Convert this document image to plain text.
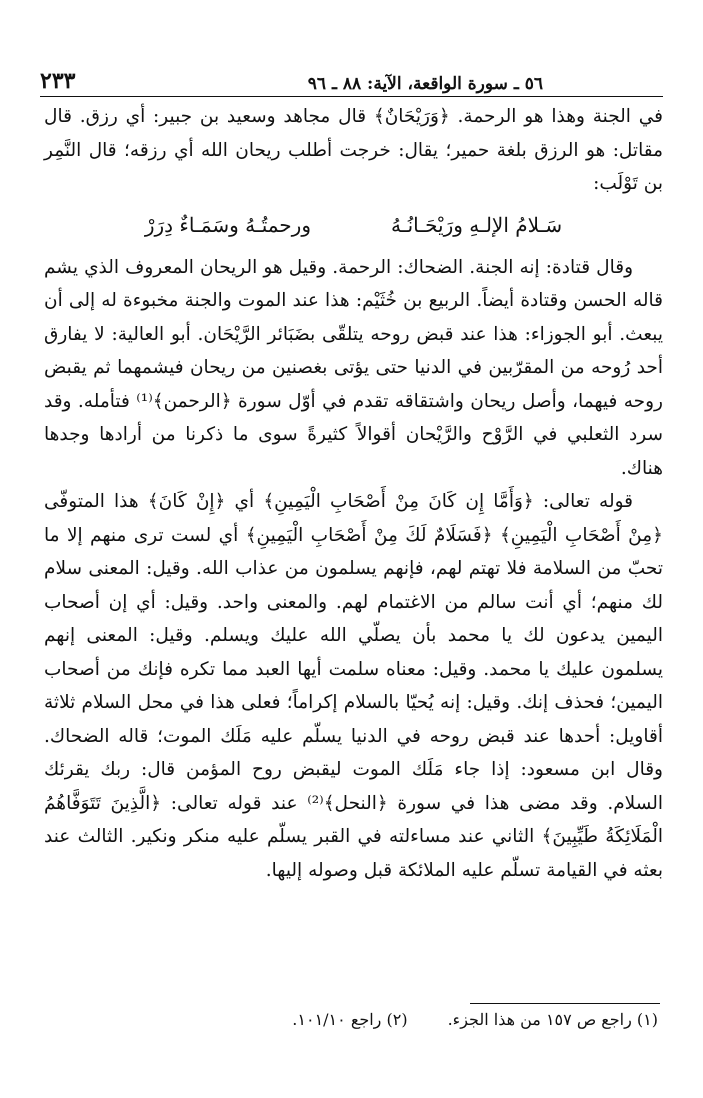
٥٦ ـ سورة الواقعة، الآية: ٨٨ ـ ٩٦
٢٣٣

في الجنة وهذا هو الرحمة. ﴿وَرَيْحَانٌ﴾ قال مجاهد وسعيد بن جبير: أي رزق. قال مقاتل: هو الرزق بلغة حمير؛ يقال: خرجت أطلب ريحان الله أي رزقه؛ قال النَّمِر بن تَوْلَب:

سَـلامُ الإلـهِ ورَيْحَـانُـهُ
ورحمتُـهُ وسَمَـاءٌ دِرَرْ

وقال قتادة: إنه الجنة. الضحاك: الرحمة. وقيل هو الريحان المعروف الذي يشم قاله الحسن وقتادة أيضاً. الربيع بن خُثَيْم: هذا عند الموت والجنة مخبوءة له إلى أن يبعث. أبو الجوزاء: هذا عند قبض روحه يتلقّى بضَبَائر الرَّيْحَان. أبو العالية: لا يفارق أحد رُوحه من المقرّبين في الدنيا حتى يؤتى بغصنين من ريحان فيشمهما ثم يقبض روحه فيهما، وأصل ريحان واشتقاقه تقدم في أوّل سورة ﴿الرحمن﴾⁽¹⁾ فتأمله. وقد سرد الثعلبي في الرَّوْح والرَّيْحان أقوالاً كثيرةً سوى ما ذكرنا من أرادها وجدها هناك.

قوله تعالى: ﴿وَأَمَّا إِن كَانَ مِنْ أَصْحَابِ الْيَمِينِ﴾ أي ﴿إِنْ كَانَ﴾ هذا المتوفّى ﴿مِنْ أَصْحَابِ الْيَمِينِ﴾ ﴿فَسَلَامٌ لَكَ مِنْ أَصْحَابِ الْيَمِينِ﴾ أي لست ترى منهم إلا ما تحبّ من السلامة فلا تهتم لهم، فإنهم يسلمون من عذاب الله. وقيل: المعنى سلام لك منهم؛ أي أنت سالم من الاغتمام لهم. والمعنى واحد. وقيل: أي إن أصحاب اليمين يدعون لك يا محمد بأن يصلّي الله عليك ويسلم. وقيل: المعنى إنهم يسلمون عليك يا محمد. وقيل: معناه سلمت أيها العبد مما تكره فإنك من أصحاب اليمين؛ فحذف إنك. وقيل: إنه يُحيّا بالسلام إكراماً؛ فعلى هذا في محل السلام ثلاثة أقاويل: أحدها عند قبض روحه في الدنيا يسلّم عليه مَلَك الموت؛ قاله الضحاك. وقال ابن مسعود: إذا جاء مَلَك الموت ليقبض روح المؤمن قال: ربك يقرئك السلام. وقد مضى هذا في سورة ﴿النحل﴾⁽²⁾ عند قوله تعالى: ﴿الَّذِينَ تَتَوَفَّاهُمُ الْمَلَائِكَةُ طَيِّبِينَ﴾ الثاني عند مساءلته في القبر يسلّم عليه منكر ونكير. الثالث عند بعثه في القيامة تسلّم عليه الملائكة قبل وصوله إليها.

(١) راجع ص ١٥٧ من هذا الجزء.
(٢) راجع ١٠١/١٠.
